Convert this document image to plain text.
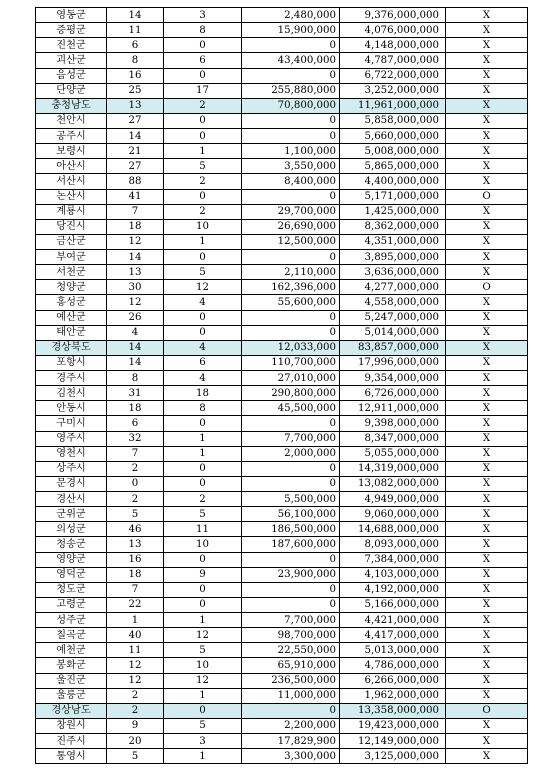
영동군	14	3	2,480,000	9,376,000,000	X
증평군	11	8	15,900,000	4,076,000,000	X
진천군	6	0	0	4,148,000,000	X
괴산군	8	6	43,400,000	4,787,000,000	X
음성군	16	0	0	6,722,000,000	X
단양군	25	17	255,880,000	3,252,000,000	X
충청남도	13	2	70,800,000	11,961,000,000	X
천안시	27	0	0	5,858,000,000	X
공주시	14	0	0	5,660,000,000	X
보령시	21	1	1,100,000	5,008,000,000	X
아산시	27	5	3,550,000	5,865,000,000	X
서산시	88	2	8,400,000	4,400,000,000	X
논산시	41	0	0	5,171,000,000	O
계룡시	7	2	29,700,000	1,425,000,000	X
당진시	18	10	26,690,000	8,362,000,000	X
금산군	12	1	12,500,000	4,351,000,000	X
부여군	14	0	0	3,895,000,000	X
서천군	13	5	2,110,000	3,636,000,000	X
청양군	30	12	162,396,000	4,277,000,000	O
홍성군	12	4	55,600,000	4,558,000,000	X
예산군	26	0	0	5,247,000,000	X
태안군	4	0	0	5,014,000,000	X
경상북도	14	4	12,033,000	83,857,000,000	X
포항시	14	6	110,700,000	17,996,000,000	X
경주시	8	4	27,010,000	9,354,000,000	X
김천시	31	18	290,800,000	6,726,000,000	X
안동시	18	8	45,500,000	12,911,000,000	X
구미시	6	0	0	9,398,000,000	X
영주시	32	1	7,700,000	8,347,000,000	X
영천시	7	1	2,000,000	5,055,000,000	X
상주시	2	0	0	14,319,000,000	X
문경시	0	0	0	13,082,000,000	X
경산시	2	2	5,500,000	4,949,000,000	X
군위군	5	5	56,100,000	9,060,000,000	X
의성군	46	11	186,500,000	14,688,000,000	X
청송군	13	10	187,600,000	8,093,000,000	X
영양군	16	0	0	7,384,000,000	X
영덕군	18	9	23,900,000	4,103,000,000	X
청도군	7	0	0	4,192,000,000	X
고령군	22	0	0	5,166,000,000	X
성주군	1	1	7,700,000	4,421,000,000	X
칠곡군	40	12	98,700,000	4,417,000,000	X
예천군	11	5	22,550,000	5,013,000,000	X
봉화군	12	10	65,910,000	4,786,000,000	X
울진군	12	12	236,500,000	6,266,000,000	X
울릉군	2	1	11,000,000	1,962,000,000	X
경상남도	2	0	0	13,358,000,000	O
창원시	9	5	2,200,000	19,423,000,000	X
진주시	20	3	17,829,900	12,149,000,000	X
통영시	5	1	3,300,000	3,125,000,000	X
